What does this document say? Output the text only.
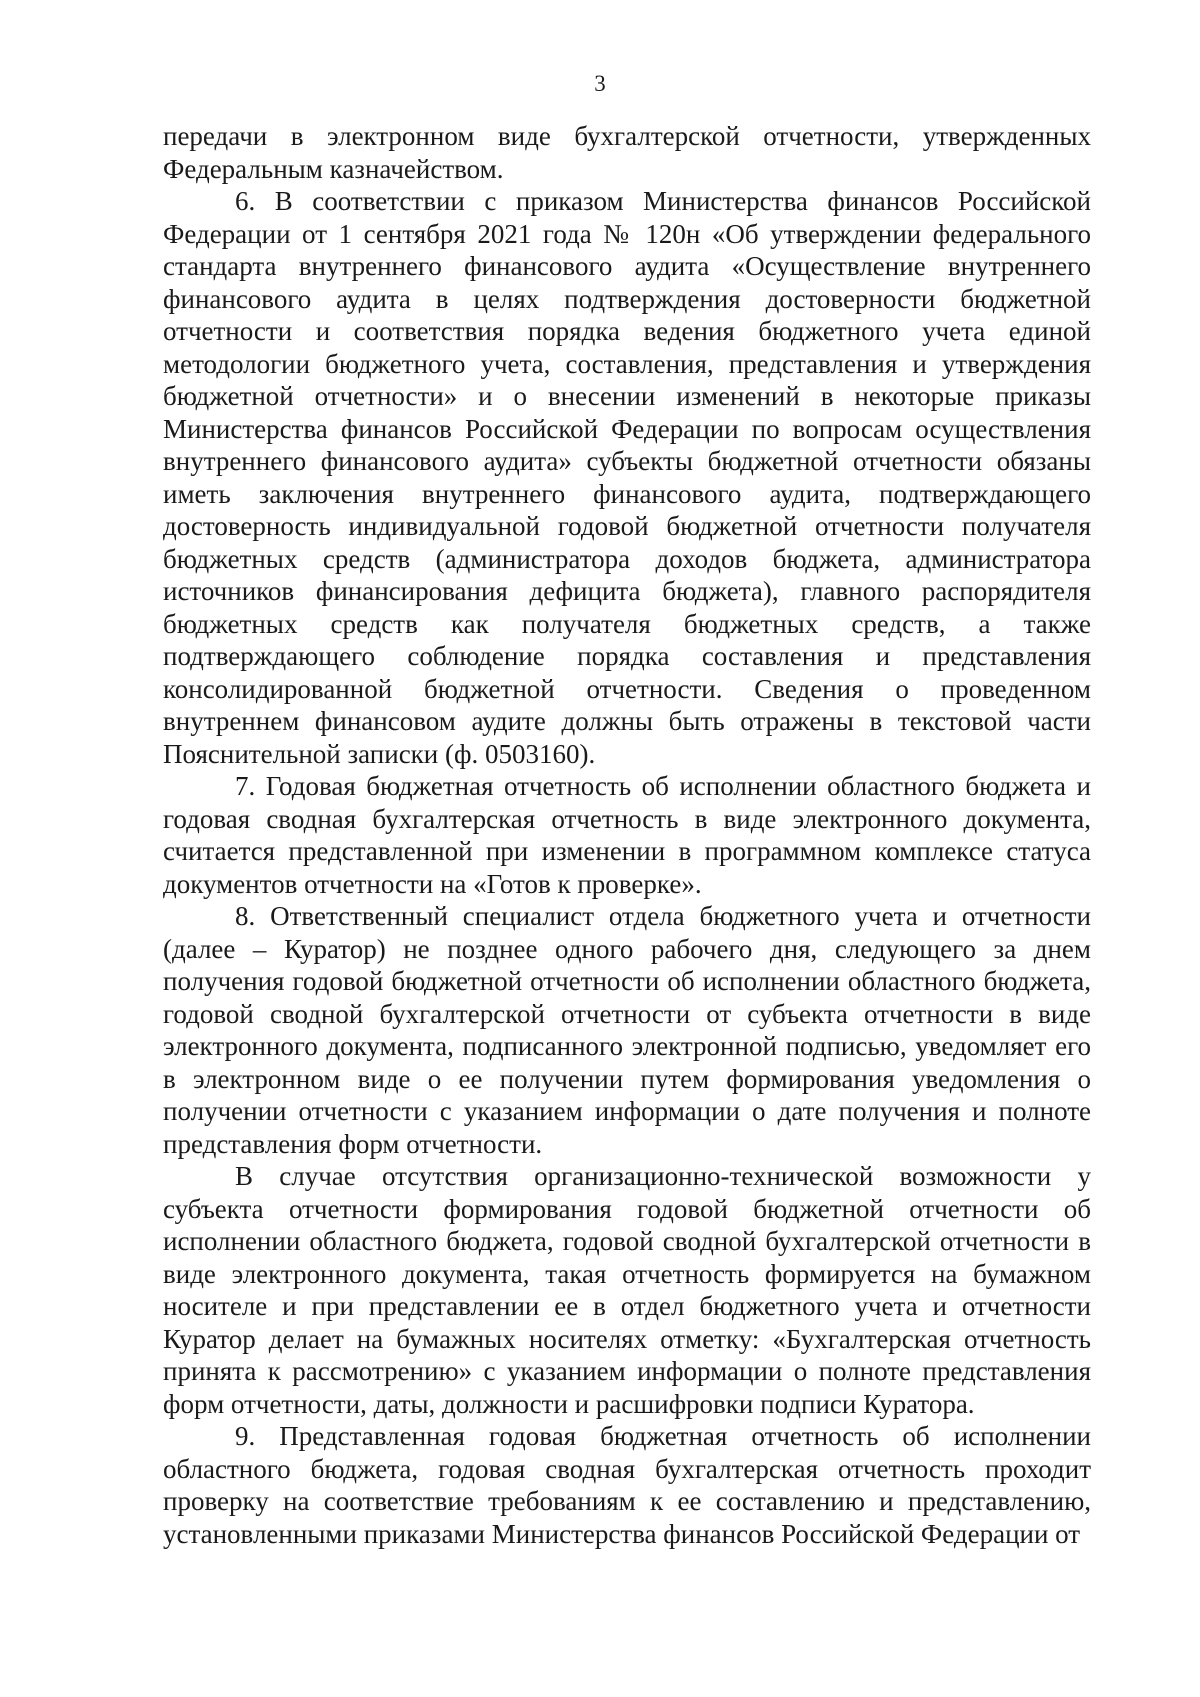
3

передачи в электронном виде бухгалтерской отчетности, утвержденных Федеральным казначейством.

6. В соответствии с приказом Министерства финансов Российской Федерации от 1 сентября 2021 года № 120н «Об утверждении федерального стандарта внутреннего финансового аудита «Осуществление внутреннего финансового аудита в целях подтверждения достоверности бюджетной отчетности и соответствия порядка ведения бюджетного учета единой методологии бюджетного учета, составления, представления и утверждения бюджетной отчетности» и о внесении изменений в некоторые приказы Министерства финансов Российской Федерации по вопросам осуществления внутреннего финансового аудита» субъекты бюджетной отчетности обязаны иметь заключения внутреннего финансового аудита, подтверждающего достоверность индивидуальной годовой бюджетной отчетности получателя бюджетных средств (администратора доходов бюджета, администратора источников финансирования дефицита бюджета), главного распорядителя бюджетных средств как получателя бюджетных средств, а также подтверждающего соблюдение порядка составления и представления консолидированной бюджетной отчетности. Сведения о проведенном внутреннем финансовом аудите должны быть отражены в текстовой части Пояснительной записки (ф. 0503160).

7. Годовая бюджетная отчетность об исполнении областного бюджета и годовая сводная бухгалтерская отчетность в виде электронного документа, считается представленной при изменении в программном комплексе статуса документов отчетности на «Готов к проверке».

8. Ответственный специалист отдела бюджетного учета и отчетности (далее – Куратор) не позднее одного рабочего дня, следующего за днем получения годовой бюджетной отчетности об исполнении областного бюджета, годовой сводной бухгалтерской отчетности от субъекта отчетности в виде электронного документа, подписанного электронной подписью, уведомляет его в электронном виде о ее получении путем формирования уведомления о получении отчетности с указанием информации о дате получения и полноте представления форм отчетности.

В случае отсутствия организационно-технической возможности у субъекта отчетности формирования годовой бюджетной отчетности об исполнении областного бюджета, годовой сводной бухгалтерской отчетности в виде электронного документа, такая отчетность формируется на бумажном носителе и при представлении ее в отдел бюджетного учета и отчетности Куратор делает на бумажных носителях отметку: «Бухгалтерская отчетность принята к рассмотрению» с указанием информации о полноте представления форм отчетности, даты, должности и расшифровки подписи Куратора.

9. Представленная годовая бюджетная отчетность об исполнении областного бюджета, годовая сводная бухгалтерская отчетность проходит проверку на соответствие требованиям к ее составлению и представлению, установленными приказами Министерства финансов Российской Федерации от
